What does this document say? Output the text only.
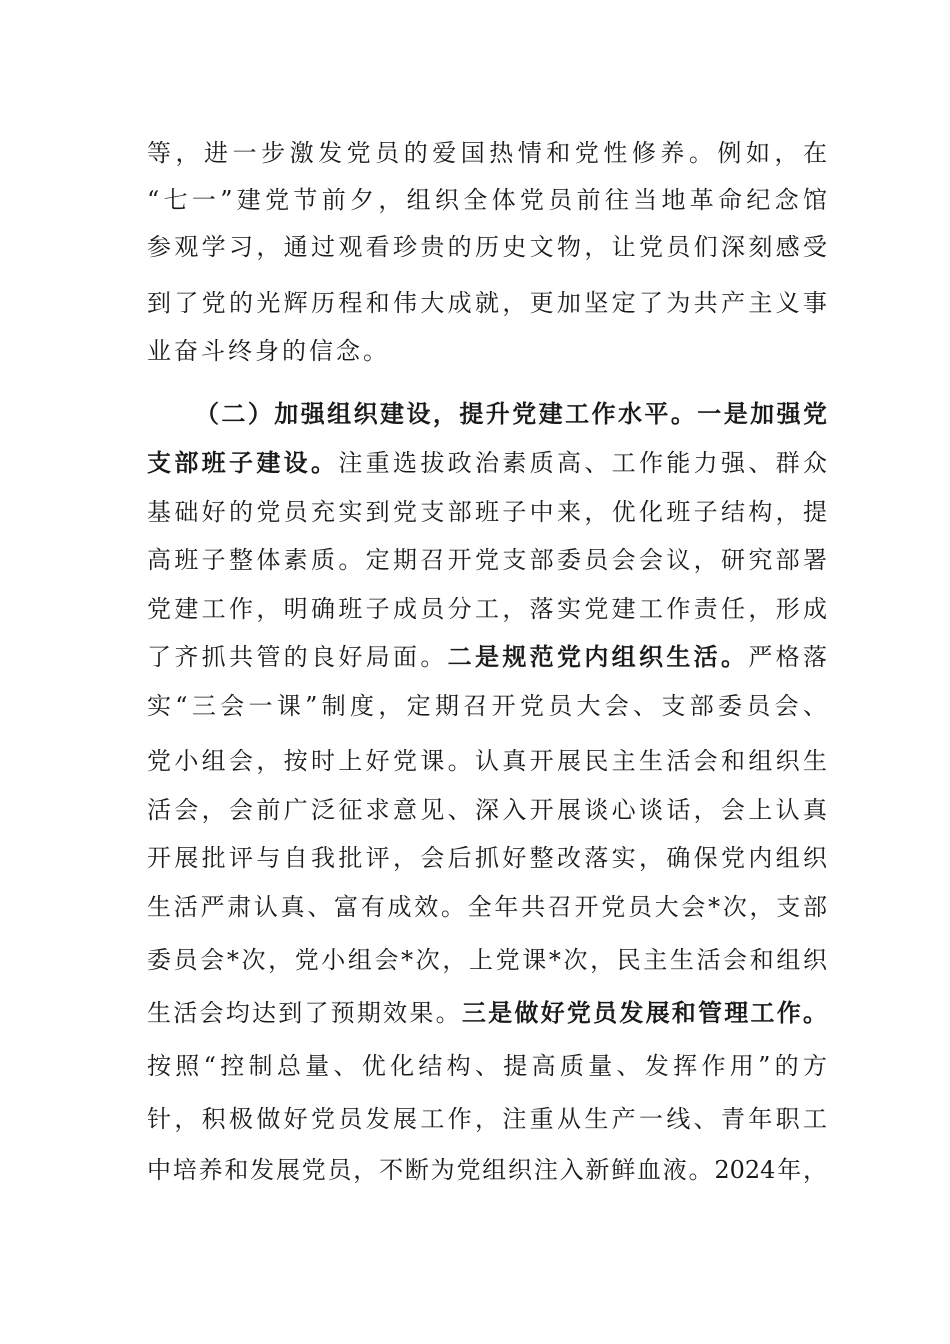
等，进一步激发党员的爱国热情和党性修养。例如，在
“七一”建党节前夕，组织全体党员前往当地革命纪念馆
参观学习，通过观看珍贵的历史文物，让党员们深刻感受
到了党的光辉历程和伟大成就，更加坚定了为共产主义事
业奋斗终身的信念。
（二）加强组织建设，提升党建工作水平。一是加强党
支部班子建设。注重选拔政治素质高、工作能力强、群众
基础好的党员充实到党支部班子中来，优化班子结构，提
高班子整体素质。定期召开党支部委员会会议，研究部署
党建工作，明确班子成员分工，落实党建工作责任，形成
了齐抓共管的良好局面。二是规范党内组织生活。严格落
实“三会一课”制度，定期召开党员大会、支部委员会、
党小组会，按时上好党课。认真开展民主生活会和组织生
活会，会前广泛征求意见、深入开展谈心谈话，会上认真
开展批评与自我批评，会后抓好整改落实，确保党内组织
生活严肃认真、富有成效。全年共召开党员大会*次，支部
委员会*次，党小组会*次，上党课*次，民主生活会和组织
生活会均达到了预期效果。三是做好党员发展和管理工作。
按照“控制总量、优化结构、提高质量、发挥作用”的方
针，积极做好党员发展工作，注重从生产一线、青年职工
中培养和发展党员，不断为党组织注入新鲜血液。2024年，
